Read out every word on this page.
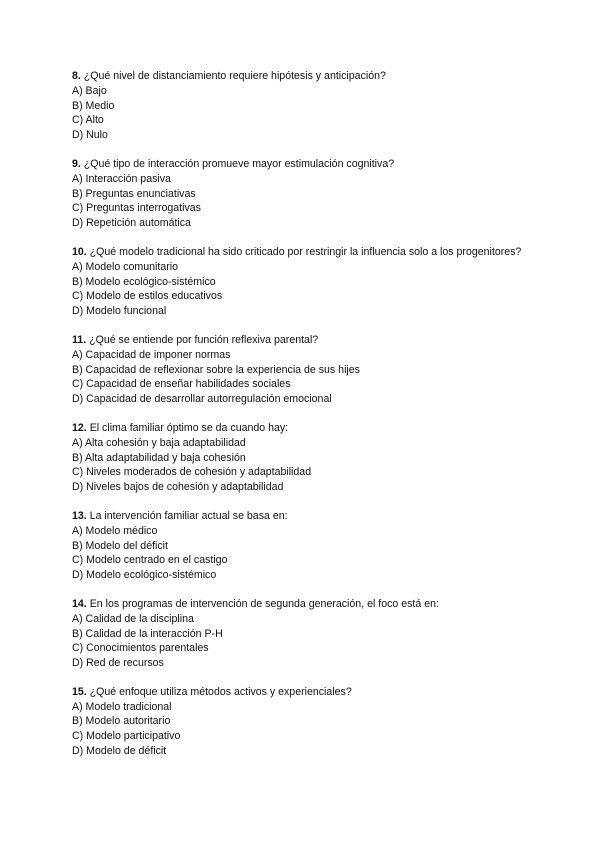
8. ¿Qué nivel de distanciamiento requiere hipótesis y anticipación?

A) Bajo
B) Medio
C) Alto
D) Nulo

9. ¿Qué tipo de interacción promueve mayor estimulación cognitiva?

A) Interacción pasiva
B) Preguntas enunciativas
C) Preguntas interrogativas
D) Repetición automática

10. ¿Qué modelo tradicional ha sido criticado por restringir la influencia solo a los progenitores?

A) Modelo comunitario
B) Modelo ecológico-sistémico
C) Modelo de estilos educativos
D) Modelo funcional

11. ¿Qué se entiende por función reflexiva parental?

A) Capacidad de imponer normas
B) Capacidad de reflexionar sobre la experiencia de sus hijes
C) Capacidad de enseñar habilidades sociales
D) Capacidad de desarrollar autorregulación emocional

12. El clima familiar óptimo se da cuando hay:

A) Alta cohesión y baja adaptabilidad
B) Alta adaptabilidad y baja cohesión
C) Niveles moderados de cohesión y adaptabilidad
D) Niveles bajos de cohesión y adaptabilidad

13. La intervención familiar actual se basa en:

A) Modelo médico
B) Modelo del déficit
C) Modelo centrado en el castigo
D) Modelo ecológico-sistémico

14. En los programas de intervención de segunda generación, el foco está en:

A) Calidad de la disciplina
B) Calidad de la interacción P-H
C) Conocimientos parentales
D) Red de recursos

15. ¿Qué enfoque utiliza métodos activos y experienciales?

A) Modelo tradicional
B) Modelo autoritario
C) Modelo participativo
D) Modelo de déficit
